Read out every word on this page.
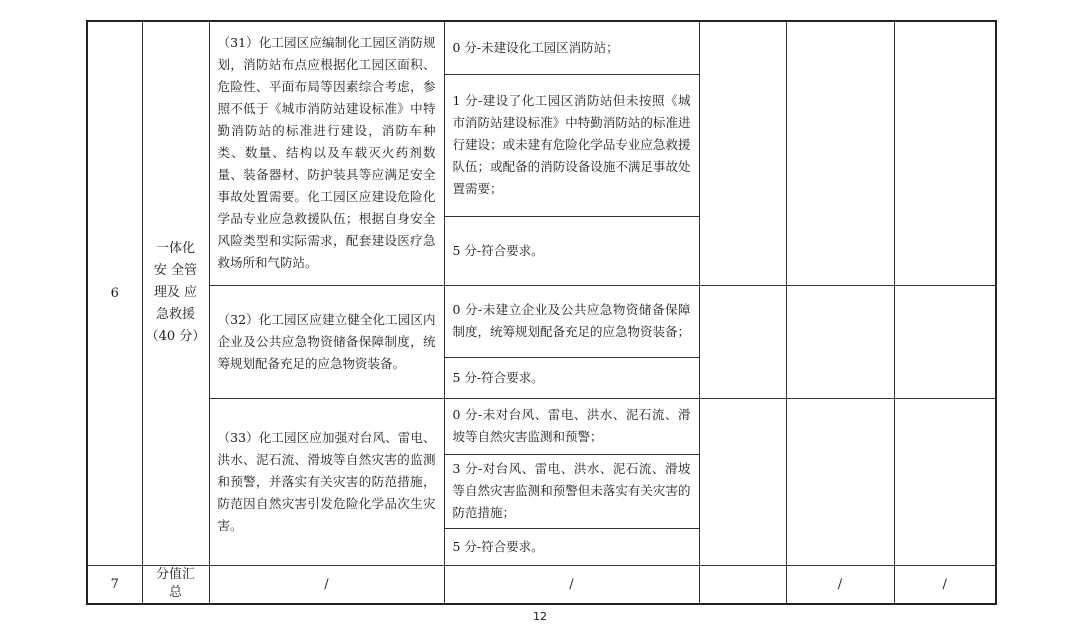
6	一体化
安 全管
理及 应
急救援
（40 分）	（31）化工园区应编制化工园区消防规划，消防站布点应根据化工园区面积、危险性、平面布局等因素综合考虑，参照不低于《城市消防站建设标准》中特勤消防站的标准进行建设，消防车种类、数量、结构以及车载灭火药剂数量、装备器材、防护装具等应满足安全事故处置需要。化工园区应建设危险化学品专业应急救援队伍；根据自身安全风险类型和实际需求，配套建设医疗急救场所和气防站。	0 分-未建设化工园区消防站；			
			1 分-建设了化工园区消防站但未按照《城市消防站建设标准》中特勤消防站的标准进行建设；或未建有危险化学品专业应急救援队伍；或配备的消防设备设施不满足事故处置需要；			
			5 分-符合要求。			
		（32）化工园区应建立健全化工园区内企业及公共应急物资储备保障制度，统筹规划配备充足的应急物资装备。	0 分-未建立企业及公共应急物资储备保障制度，统筹规划配备充足的应急物资装备；			
			5 分-符合要求。			
		（33）化工园区应加强对台风、雷电、洪水、泥石流、滑坡等自然灾害的监测和预警，并落实有关灾害的防范措施，防范因自然灾害引发危险化学品次生灾害。	0 分-未对台风、雷电、洪水、泥石流、滑坡等自然灾害监测和预警；			
			3 分-对台风、雷电、洪水、泥石流、滑坡等自然灾害监测和预警但未落实有关灾害的防范措施；			
			5 分-符合要求。			
7	分值汇
总	/	/		/	/
12
